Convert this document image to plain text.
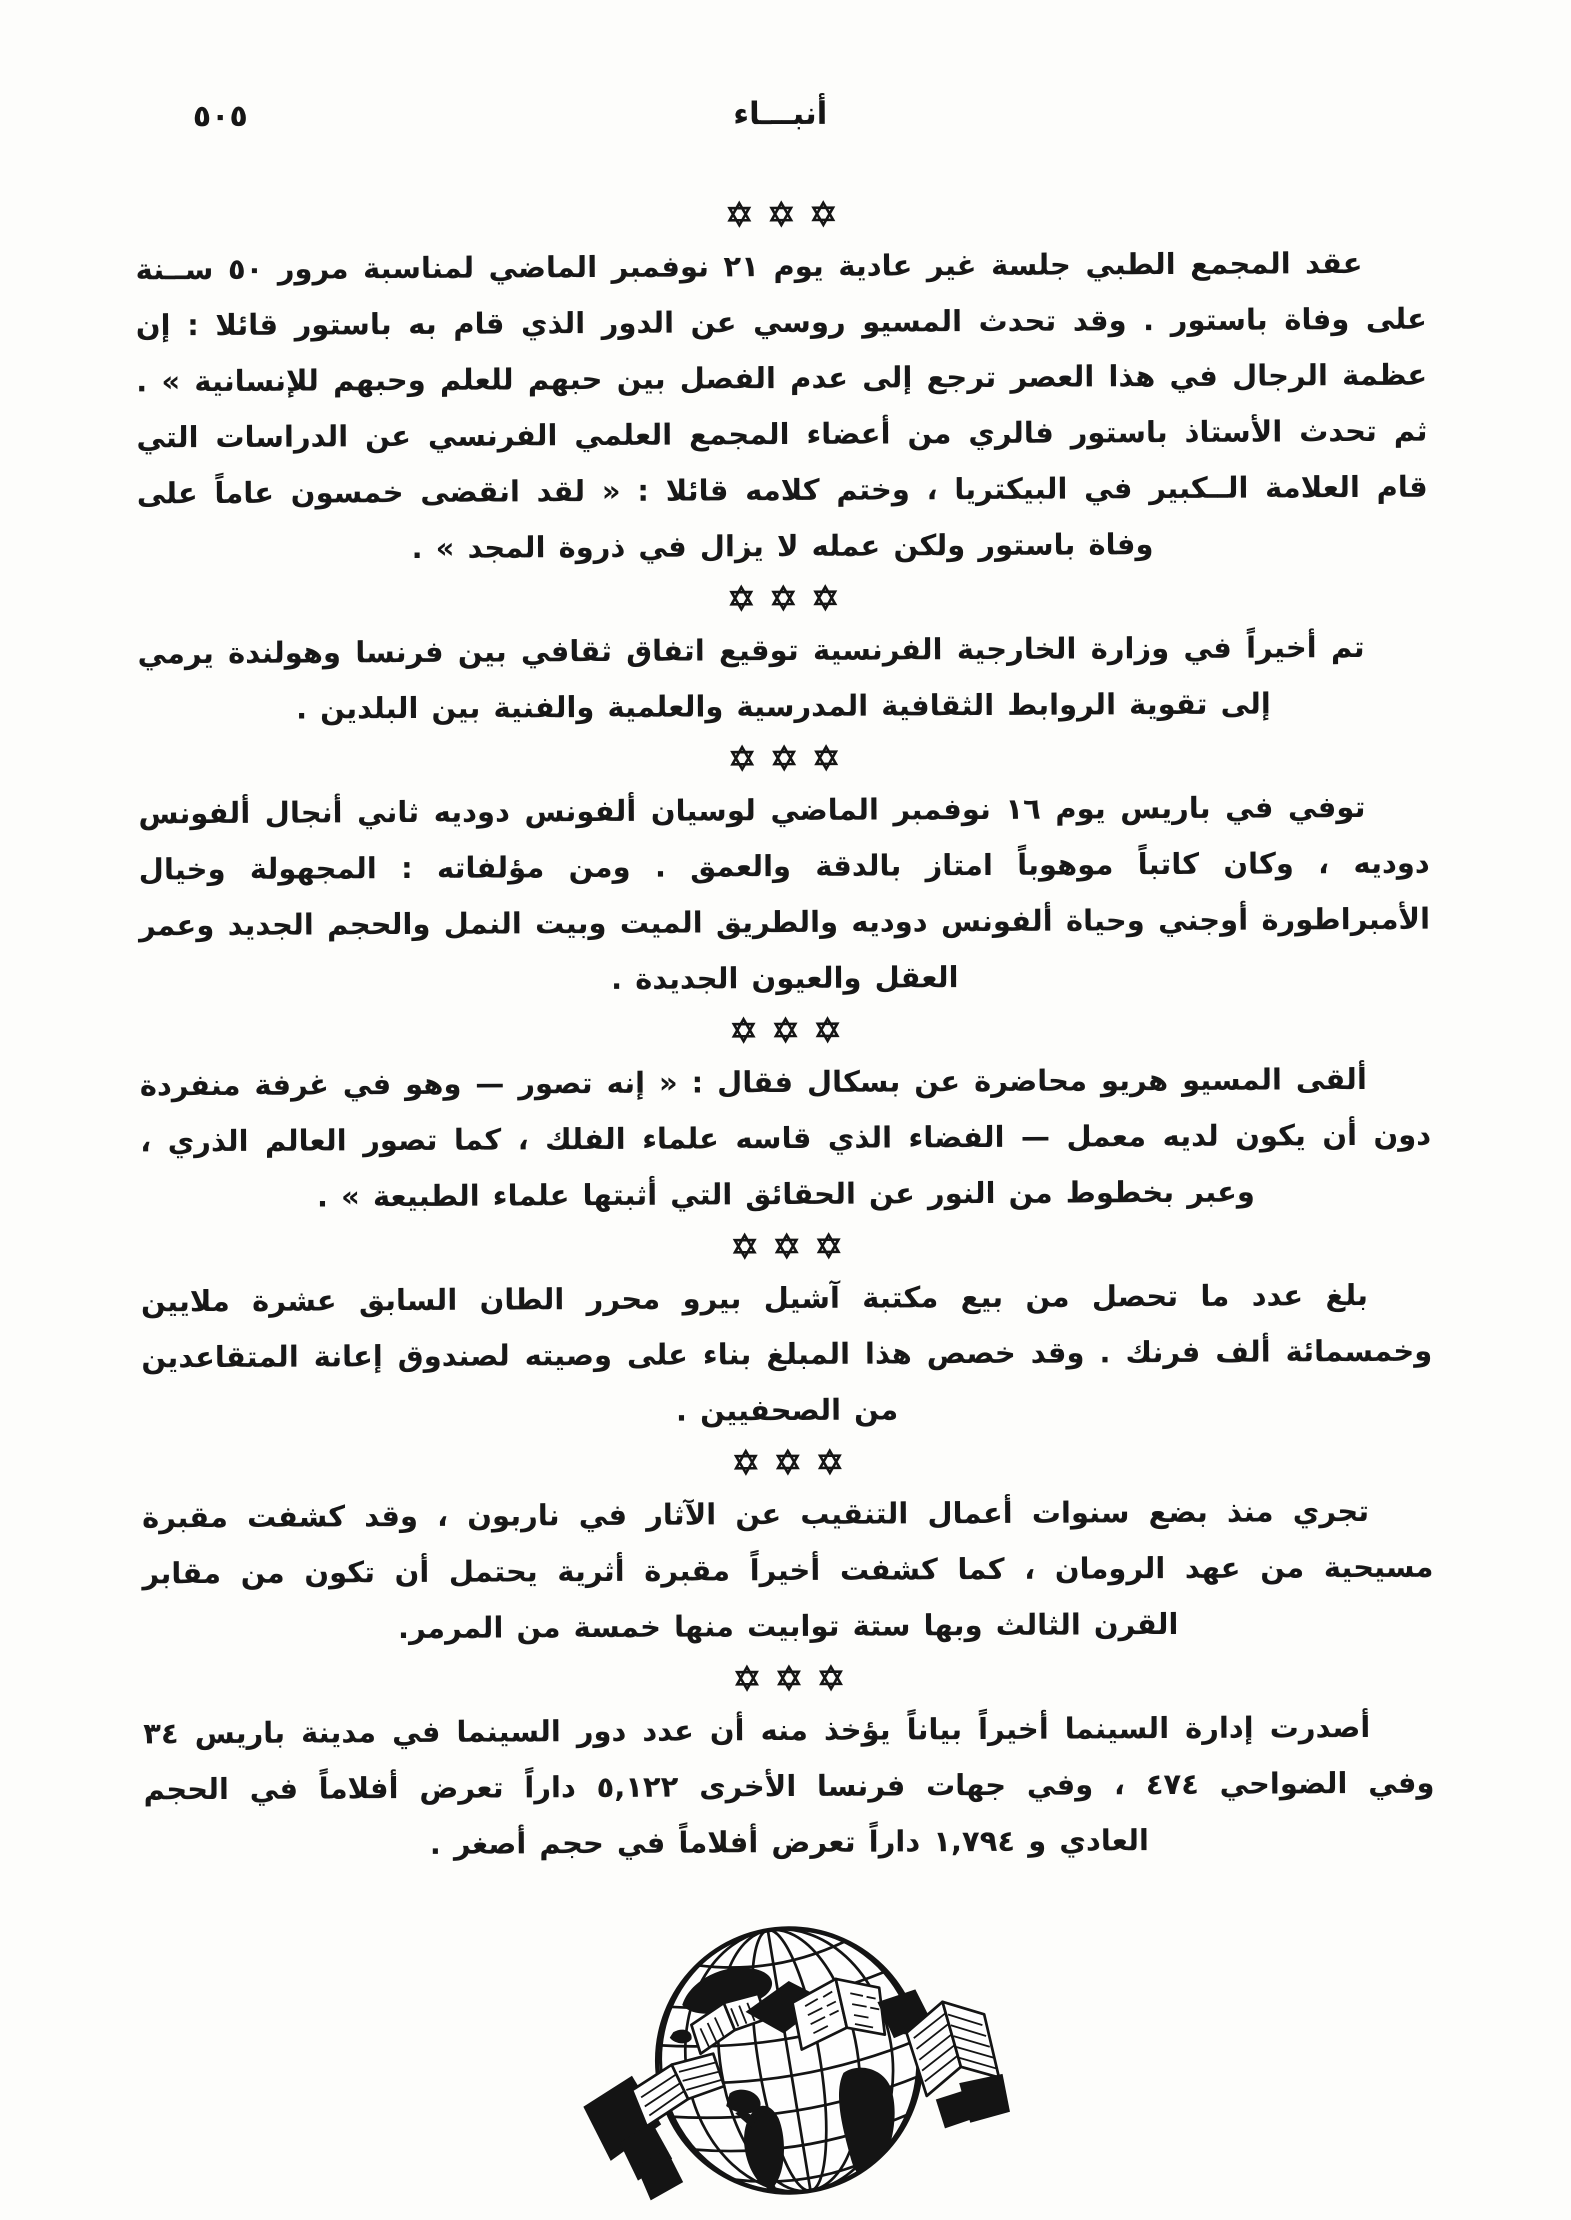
٥٠٥	أنبـــاء

عقد المجمع الطبي جلسة غير عادية يوم ٢١ نوفمبر الماضي لمناسبة مرور ٥٠ ســنة على وفاة باستور . وقد تحدث المسيو روسي عن الدور الذي قام به باستور قائلا : إن عظمة الرجال في هذا العصر ترجع إلى عدم الفصل بين حبهم للعلم وحبهم للإنسانية » . ثم تحدث الأستاذ باستور فالري من أعضاء المجمع العلمي الفرنسي عن الدراسات التي قام العلامة الــكبير في البيكتريا ، وختم كلامه قائلا : « لقد انقضى خمسون عاماً على وفاة باستور ولكن عمله لا يزال في ذروة المجد » .

تم أخيراً في وزارة الخارجية الفرنسية توقيع اتفاق ثقافي بين فرنسا وهولندة يرمي إلى تقوية الروابط الثقافية المدرسية والعلمية والفنية بين البلدين .

توفي في باريس يوم ١٦ نوفمبر الماضي لوسيان ألفونس دوديه ثاني أنجال ألفونس دوديه ، وكان كاتباً موهوباً امتاز بالدقة والعمق . ومن مؤلفاته : المجهولة وخيال الأمبراطورة أوجني وحياة ألفونس دوديه والطريق الميت وبيت النمل والحجم الجديد وعمر العقل والعيون الجديدة .

ألقى المسيو هريو محاضرة عن بسكال فقال : « إنه تصور — وهو في غرفة منفردة دون أن يكون لديه معمل — الفضاء الذي قاسه علماء الفلك ، كما تصور العالم الذري ، وعبر بخطوط من النور عن الحقائق التي أثبتها علماء الطبيعة » .

بلغ عدد ما تحصل من بيع مكتبة آشيل بيرو محرر الطان السابق عشرة ملايين وخمسمائة ألف فرنك . وقد خصص هذا المبلغ بناء على وصيته لصندوق إعانة المتقاعدين من الصحفيين .

تجري منذ بضع سنوات أعمال التنقيب عن الآثار في ناربون ، وقد كشفت مقبرة مسيحية من عهد الرومان ، كما كشفت أخيراً مقبرة أثرية يحتمل أن تكون من مقابر القرن الثالث وبها ستة توابيت منها خمسة من المرمر.

أصدرت إدارة السينما أخيراً بياناً يؤخذ منه أن عدد دور السينما في مدينة باريس ٣٤ وفي الضواحي ٤٧٤ ، وفي جهات فرنسا الأخرى ٥,١٢٢ داراً تعرض أفلاماً في الحجم العادي و ١,٧٩٤ داراً تعرض أفلاماً في حجم أصغر .
